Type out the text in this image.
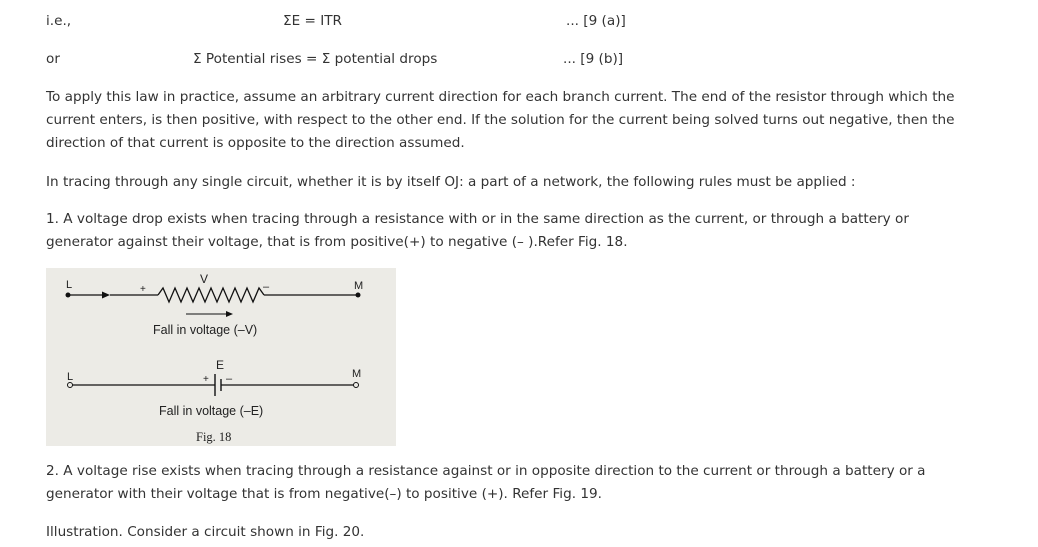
i.e.,	ΣE = ITR	... [9 (a)]
or	Σ Potential rises = Σ potential drops	... [9 (b)]

To apply this law in practice, assume an arbitrary current direction for each branch current. The end of the resistor through which the current enters, is then positive, with respect to the other end. If the solution for the current being solved turns out negative, then the direction of that current is opposite to the direction assumed.

In tracing through any single circuit, whether it is by itself OJ: a part of a network, the following rules must be applied :

1. A voltage drop exists when tracing through a resistance with or in the same direction as the current, or through a battery or generator against their voltage, that is from positive(+) to negative (– ).Refer Fig. 18.

L	V
+	–	M
Fall in voltage (–V)
L
E
+ –	M
Fall in voltage (–E)
Fig. 18

2. A voltage rise exists when tracing through a resistance against or in opposite direction to the current or through a battery or a generator with their voltage that is from negative(–) to positive (+). Refer Fig. 19.

Illustration. Consider a circuit shown in Fig. 20.
